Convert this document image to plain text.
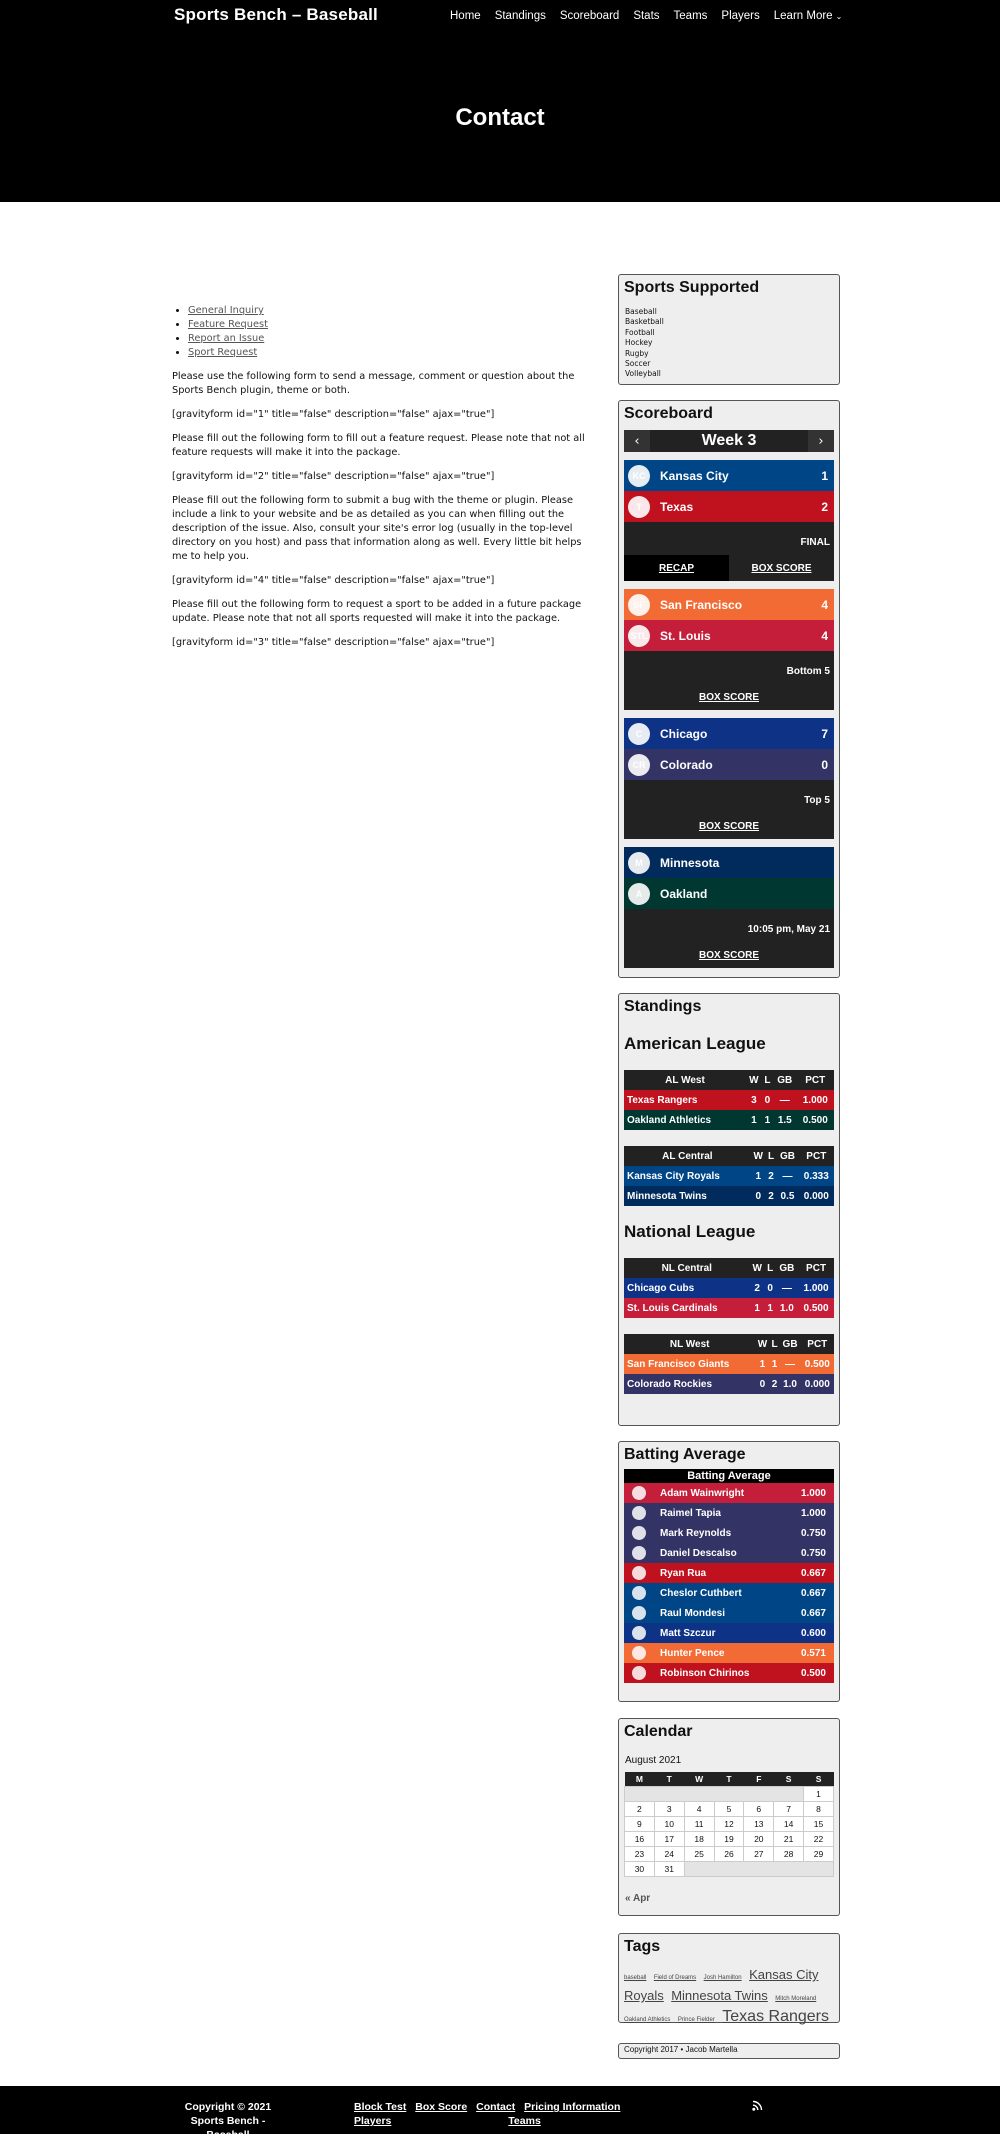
Sports Bench – Baseball	Home Standings Scoreboard Stats Teams Players Learn More ⌄
Contact
• General Inquiry
• Feature Request
• Report an Issue
• Sport Request

Please use the following form to send a message, comment or question about the Sports Bench plugin, theme or both.

[gravityform id="1" title="false" description="false" ajax="true"]

Please fill out the following form to fill out a feature request. Please note that not all feature requests will make it into the package.

[gravityform id="2" title="false" description="false" ajax="true"]

Please fill out the following form to submit a bug with the theme or plugin. Please include a link to your website and be as detailed as you can when filling out the description of the issue. Also, consult your site's error log (usually in the top-level directory on you host) and pass that information along as well. Every little bit helps me to help you.

[gravityform id="4" title="false" description="false" ajax="true"]

Please fill out the following form to request a sport to be added in a future package update. Please note that not all sports requested will make it into the package.

[gravityform id="3" title="false" description="false" ajax="true"]

Sports Supported
Baseball
Basketball
Football
Hockey
Rugby
Soccer
Volleyball
Scoreboard
‹	Week 3	›
KC	Kansas City	1
T	Texas	2
FINAL
RECAP	BOX SCORE
SF	San Francisco	4
STL St. Louis	4
Bottom 5
BOX SCORE
C	Chicago	7
CR	Colorado	0
Top 5
BOX SCORE
M	Minnesota
A	Oakland
10:05 pm, May 21
BOX SCORE
Standings
American League
AL West	W	L	GB	PCT
Texas Rangers	3	0	—	1.000
Oakland Athletics	1	1	1.5	0.500
AL Central	W	L	GB	PCT
Kansas City Royals	1	2	—	0.333
Minnesota Twins	0	2	0.5	0.000
National League
NL Central	W	L	GB	PCT
Chicago Cubs	2	0	—	1.000
St. Louis Cardinals	1	1	1.0	0.500
NL West	W	L	GB	PCT
San Francisco Giants	1	1	—	0.500
Colorado Rockies	0	2	1.0	0.000
Batting Average
Batting Average
Adam Wainwright	1.000
Raimel Tapia	1.000
Mark Reynolds	0.750
Daniel Descalso	0.750
Ryan Rua	0.667
Cheslor Cuthbert	0.667
Raul Mondesi	0.667
Matt Szczur	0.600
Hunter Pence	0.571
Robinson Chirinos	0.500
Calendar
August 2021
M	T	W	T	F	S	S
						1
2	3	4	5	6	7	8
9	10	11	12	13	14	15
16	17	18	19	20	21	22
23	24	25	26	27	28	29
30	31					
« Apr
Tags
baseball Field of Dreams Josh Hamilton Kansas City Royals Minnesota Twins Mitch Moreland Oakland Athletics Prince Fielder Texas Rangers
Copyright 2017 • Jacob Martella
Copyright © 2021 Sports Bench - Baseball
Block Test Box Score Contact Pricing Information Players	Teams
